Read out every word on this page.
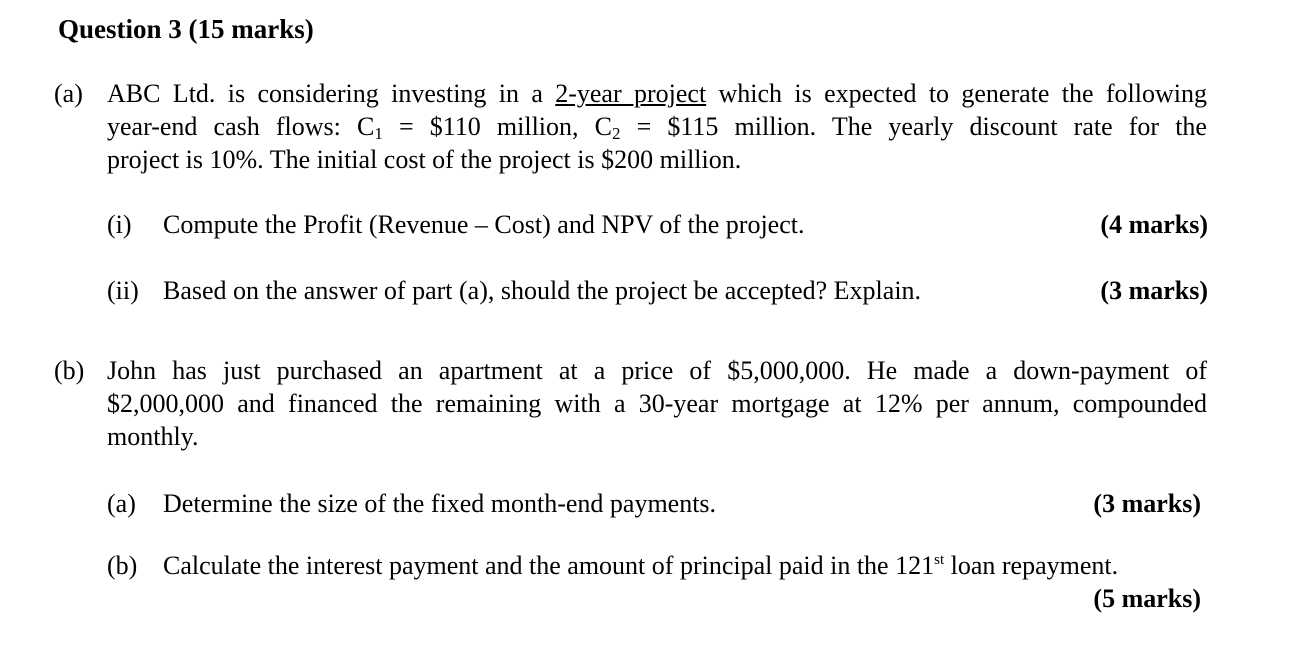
Question 3 (15 marks)
(a) ABC Ltd. is considering investing in a 2-year project which is expected to generate the following
year-end cash flows: $C_1$ = $110 million, $C_2$ = $115 million. The yearly discount rate for the
project is 10%. The initial cost of the project is $200 million.
(i) Compute the Profit (Revenue – Cost) and NPV of the project.	(4 marks)
(ii) Based on the answer of part (a), should the project be accepted? Explain.	(3 marks)
(b) John has just purchased an apartment at a price of $5,000,000. He made a down-payment of
$2,000,000 and financed the remaining with a 30-year mortgage at 12% per annum, compounded
monthly.
(a) Determine the size of the fixed month-end payments.	(3 marks)
(b) Calculate the interest payment and the amount of principal paid in the 121st loan repayment.
(5 marks)
